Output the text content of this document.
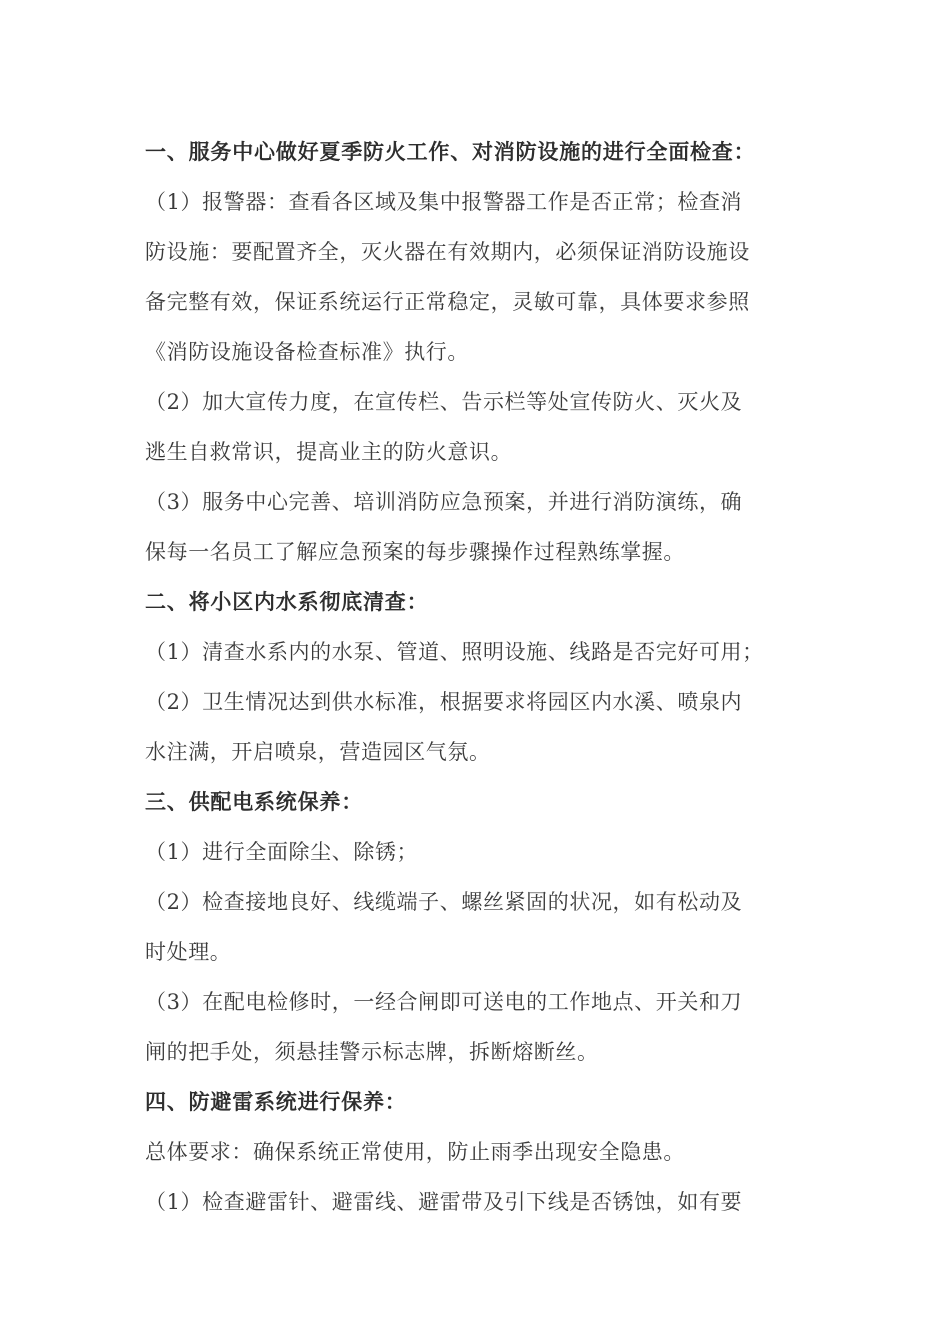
一、服务中心做好夏季防火工作、对消防设施的进行全面检查：
（1）报警器：查看各区域及集中报警器工作是否正常；检查消
防设施：要配置齐全，灭火器在有效期内，必须保证消防设施设
备完整有效，保证系统运行正常稳定，灵敏可靠，具体要求参照
《消防设施设备检查标准》执行。
（2）加大宣传力度，在宣传栏、告示栏等处宣传防火、灭火及
逃生自救常识，提高业主的防火意识。
（3）服务中心完善、培训消防应急预案，并进行消防演练，确
保每一名员工了解应急预案的每步骤操作过程熟练掌握。
二、将小区内水系彻底清查：
（1）清查水系内的水泵、管道、照明设施、线路是否完好可用；
（2）卫生情况达到供水标准，根据要求将园区内水溪、喷泉内
水注满，开启喷泉，营造园区气氛。
三、供配电系统保养：
（1）进行全面除尘、除锈；
（2）检查接地良好、线缆端子、螺丝紧固的状况，如有松动及
时处理。
（3）在配电检修时，一经合闸即可送电的工作地点、开关和刀
闸的把手处，须悬挂警示标志牌，拆断熔断丝。
四、防避雷系统进行保养：
总体要求：确保系统正常使用，防止雨季出现安全隐患。
（1）检查避雷针、避雷线、避雷带及引下线是否锈蚀，如有要
